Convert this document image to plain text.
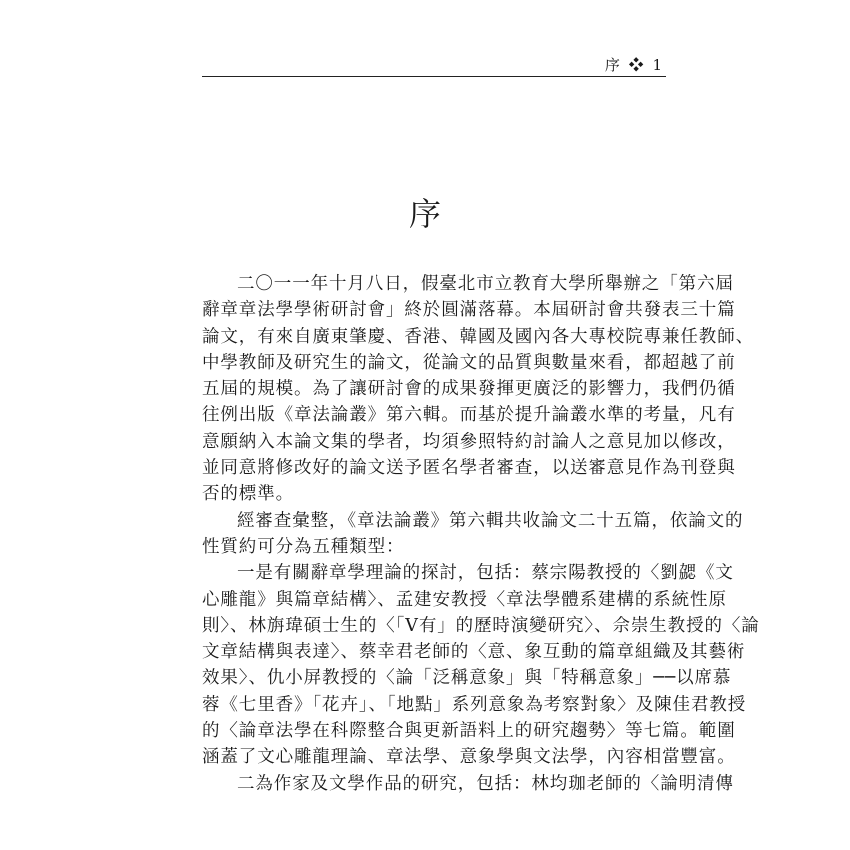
序 ❖ 1
序

二〇一一年十月八日，假臺北市立教育大學所舉辦之「第六屆
辭章章法學學術研討會」終於圓滿落幕。本屆研討會共發表三十篇
論文，有來自廣東肇慶、香港、韓國及國內各大專校院專兼任教師、
中學教師及研究生的論文，從論文的品質與數量來看，都超越了前
五屆的規模。為了讓研討會的成果發揮更廣泛的影響力，我們仍循
往例出版《章法論叢》第六輯。而基於提升論叢水準的考量，凡有
意願納入本論文集的學者，均須參照特約討論人之意見加以修改，
並同意將修改好的論文送予匿名學者審查，以送審意見作為刊登與
否的標準。

經審查彙整，《章法論叢》第六輯共收論文二十五篇，依論文的
性質約可分為五種類型：

一是有關辭章學理論的探討，包括：蔡宗陽教授的〈劉勰《文
心雕龍》與篇章結構〉、孟建安教授〈章法學體系建構的系統性原
則〉、林旃瑋碩士生的〈「V有」的歷時演變研究〉、佘崇生教授的〈論
文章結構與表達〉、蔡幸君老師的〈意、象互動的篇章組織及其藝術
效果〉、仇小屏教授的〈論「泛稱意象」與「特稱意象」──以席慕
蓉《七里香》「花卉」、「地點」系列意象為考察對象〉及陳佳君教授
的〈論章法學在科際整合與更新語料上的研究趨勢〉等七篇。範圍
涵蓋了文心雕龍理論、章法學、意象學與文法學，內容相當豐富。

二為作家及文學作品的研究，包括：林均珈老師的〈論明清傳
